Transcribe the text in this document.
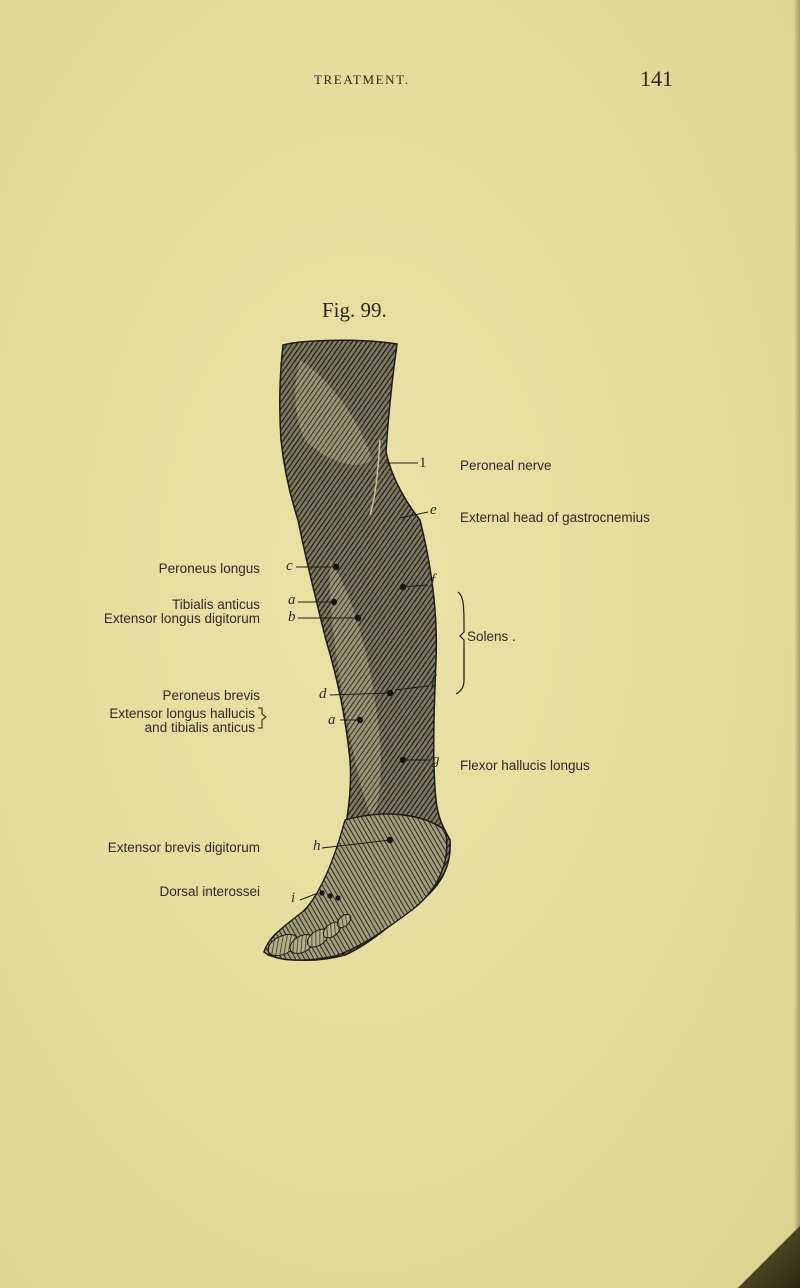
TREATMENT.	141
Fig. 99.
1
e
f
f
g
c
a
b
d
a
h
i
Peroneus longus
Tibialis anticus
Extensor longus digitorum
Peroneus brevis
Extensor longus hallucis
and tibialis anticus
Extensor brevis digitorum
Dorsal interossei
Peroneal nerve
External head of gastrocnemius
Solens .
Flexor hallucis longus
